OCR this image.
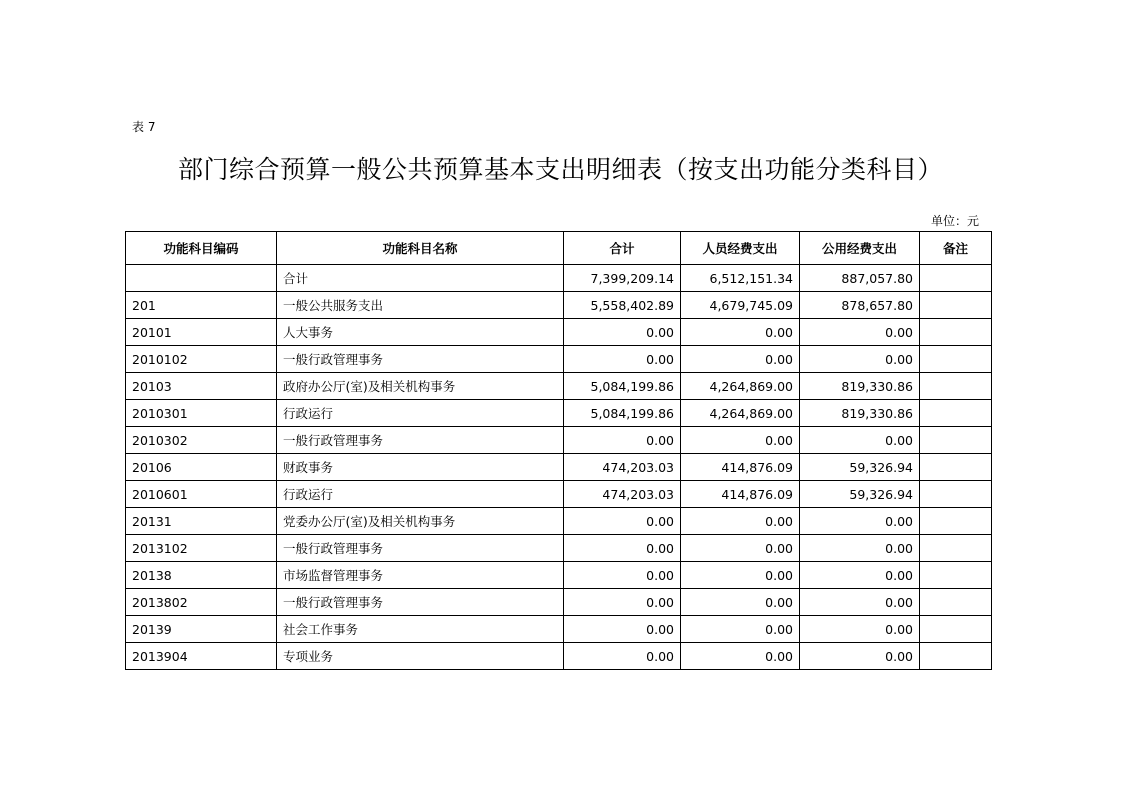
表 7
部门综合预算一般公共预算基本支出明细表（按支出功能分类科目）
单位：元
功能科目编码	功能科目名称	合计	人员经费支出	公用经费支出	备注
	合计	7,399,209.14	6,512,151.34	887,057.80	
201	一般公共服务支出	5,558,402.89	4,679,745.09	878,657.80	
20101	人大事务	0.00	0.00	0.00	
2010102	一般行政管理事务	0.00	0.00	0.00	
20103	政府办公厅(室)及相关机构事务	5,084,199.86	4,264,869.00	819,330.86	
2010301	行政运行	5,084,199.86	4,264,869.00	819,330.86	
2010302	一般行政管理事务	0.00	0.00	0.00	
20106	财政事务	474,203.03	414,876.09	59,326.94	
2010601	行政运行	474,203.03	414,876.09	59,326.94	
20131	党委办公厅(室)及相关机构事务	0.00	0.00	0.00	
2013102	一般行政管理事务	0.00	0.00	0.00	
20138	市场监督管理事务	0.00	0.00	0.00	
2013802	一般行政管理事务	0.00	0.00	0.00	
20139	社会工作事务	0.00	0.00	0.00	
2013904	专项业务	0.00	0.00	0.00	
